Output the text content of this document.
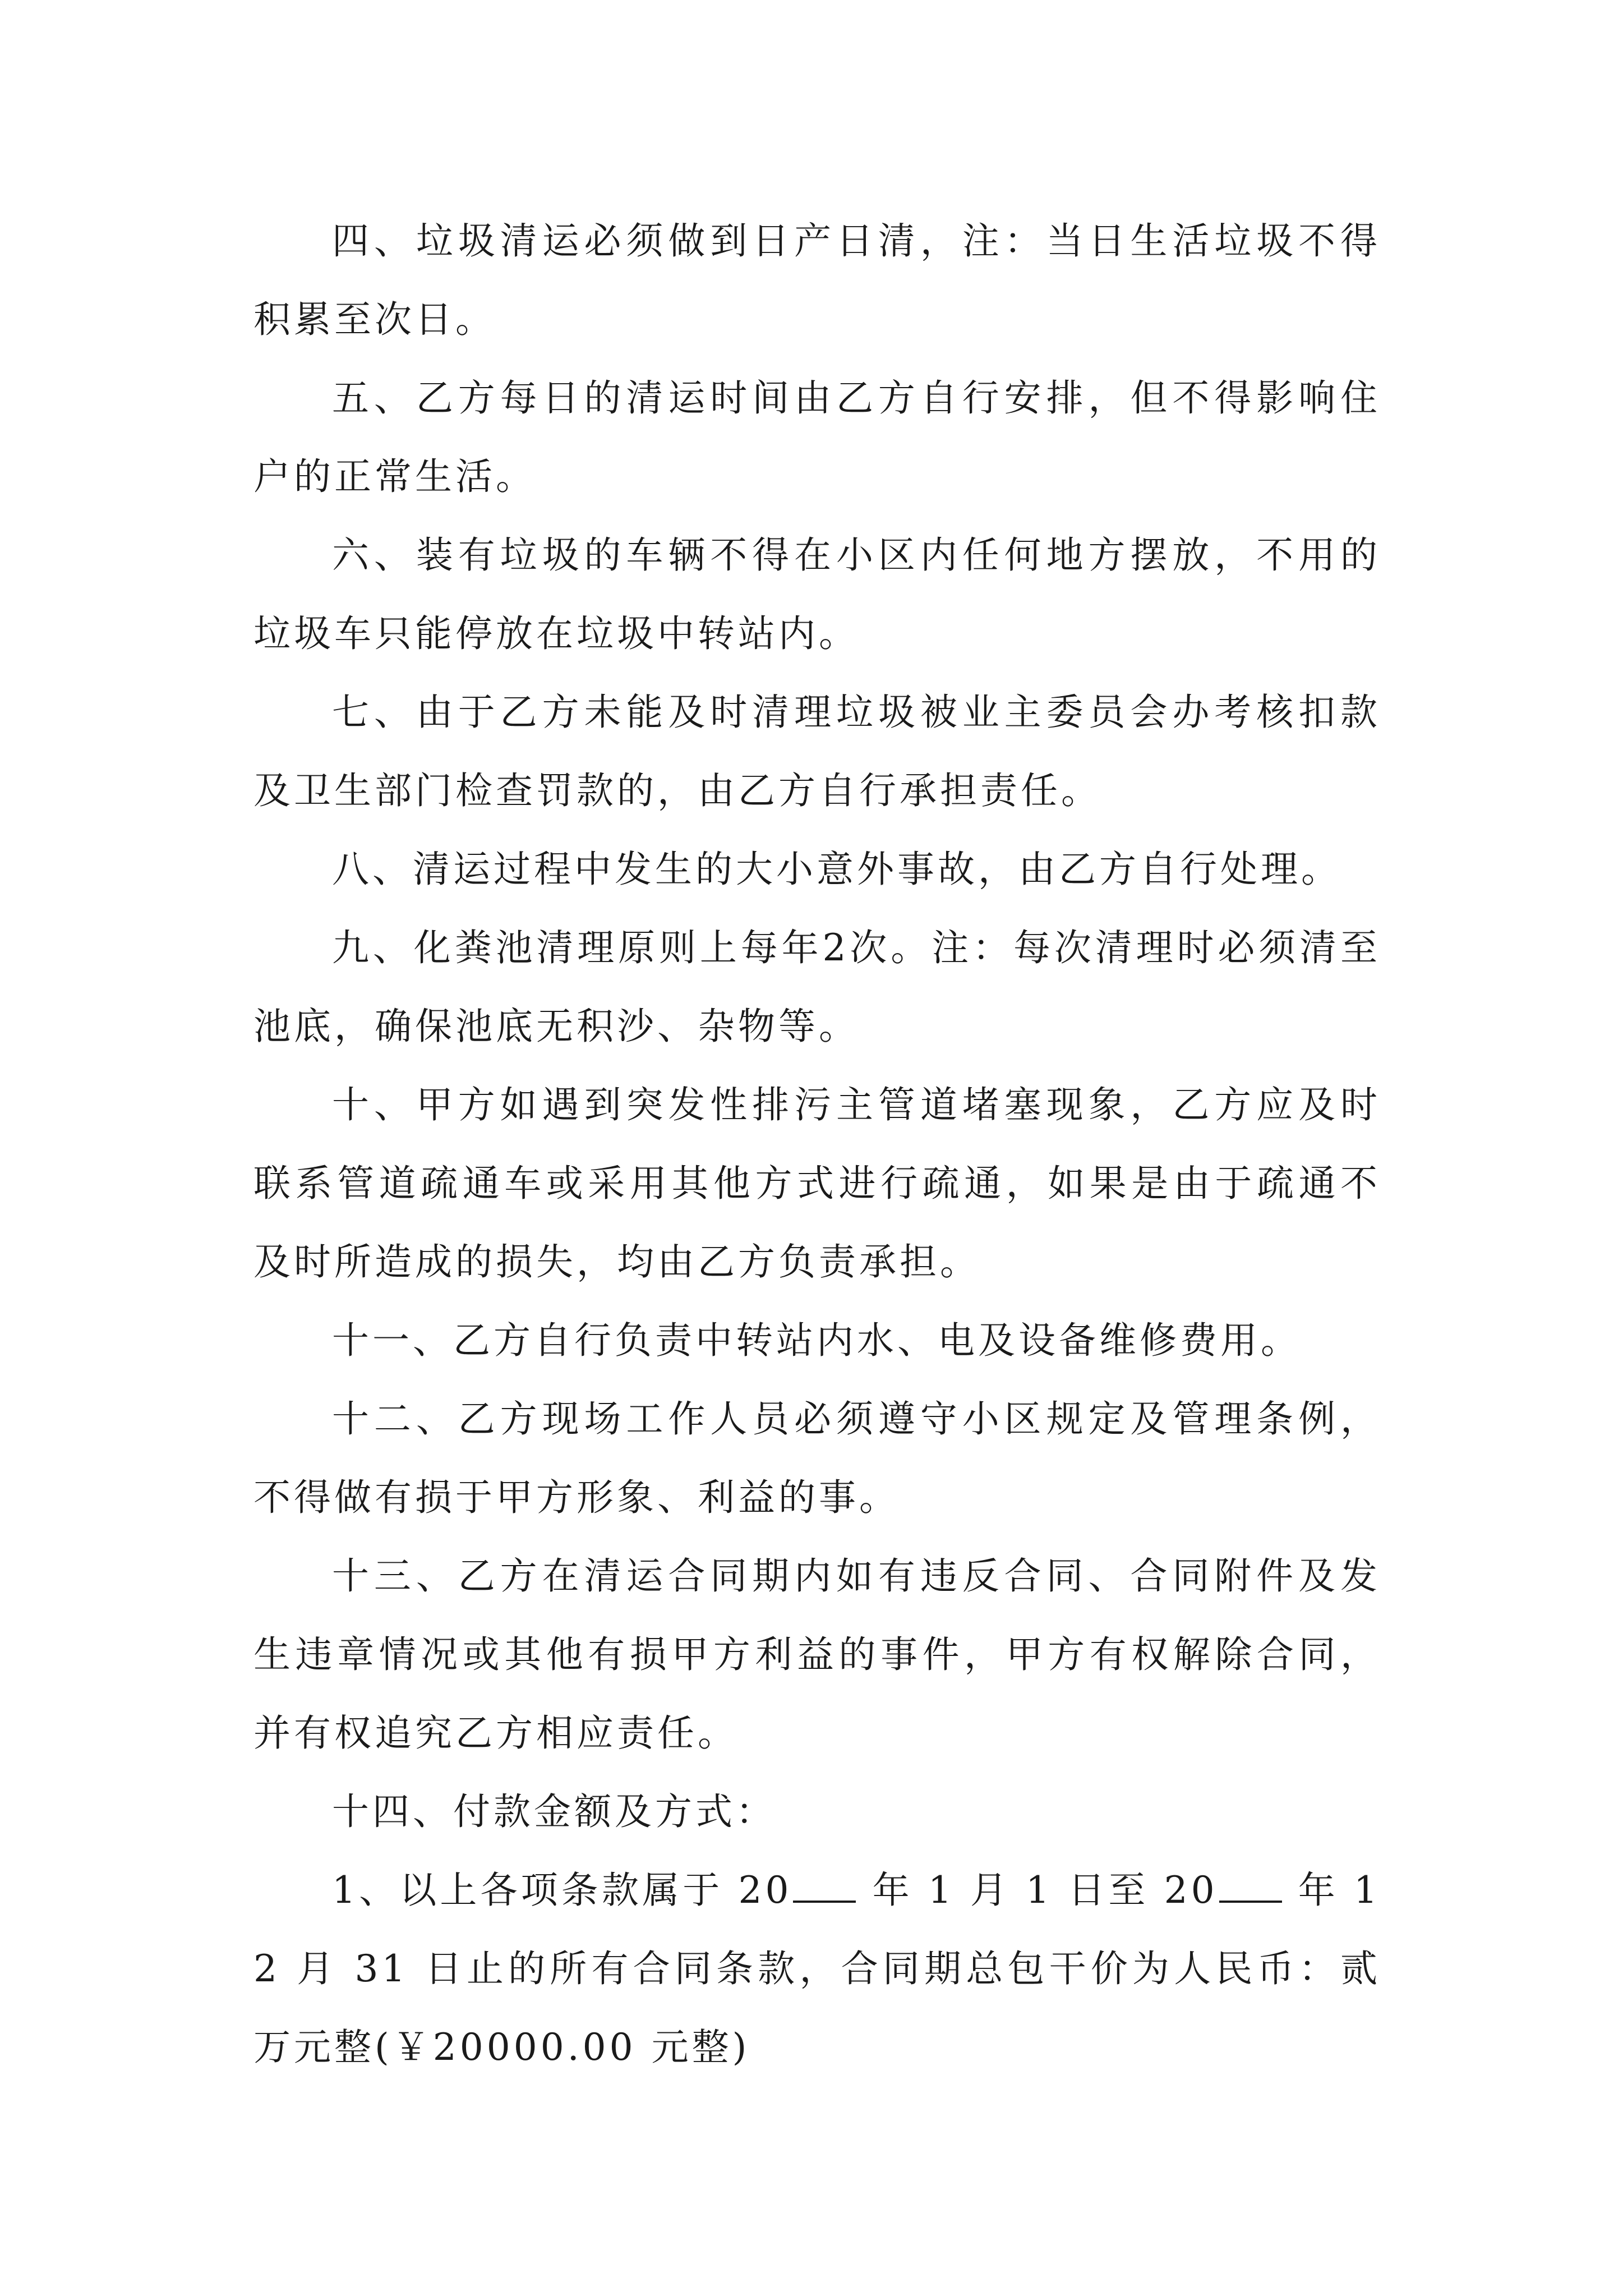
四、垃圾清运必须做到日产日清，注：当日生活垃圾不得积累至次日。

五、乙方每日的清运时间由乙方自行安排，但不得影响住户的正常生活。

六、装有垃圾的车辆不得在小区内任何地方摆放，不用的垃圾车只能停放在垃圾中转站内。

七、由于乙方未能及时清理垃圾被业主委员会办考核扣款及卫生部门检查罚款的，由乙方自行承担责任。

八、清运过程中发生的大小意外事故，由乙方自行处理。

九、化粪池清理原则上每年2次。注：每次清理时必须清至池底，确保池底无积沙、杂物等。

十、甲方如遇到突发性排污主管道堵塞现象，乙方应及时联系管道疏通车或采用其他方式进行疏通，如果是由于疏通不及时所造成的损失，均由乙方负责承担。

十一、乙方自行负责中转站内水、电及设备维修费用。

十二、乙方现场工作人员必须遵守小区规定及管理条例，不得做有损于甲方形象、利益的事。

十三、乙方在清运合同期内如有违反合同、合同附件及发生违章情况或其他有损甲方利益的事件，甲方有权解除合同，并有权追究乙方相应责任。

十四、付款金额及方式：

1、以上各项条款属于 20 年 1 月 1 日至 20 年 12 月 31 日止的所有合同条款，合同期总包干价为人民币：贰万元整(￥20000.00 元整)
